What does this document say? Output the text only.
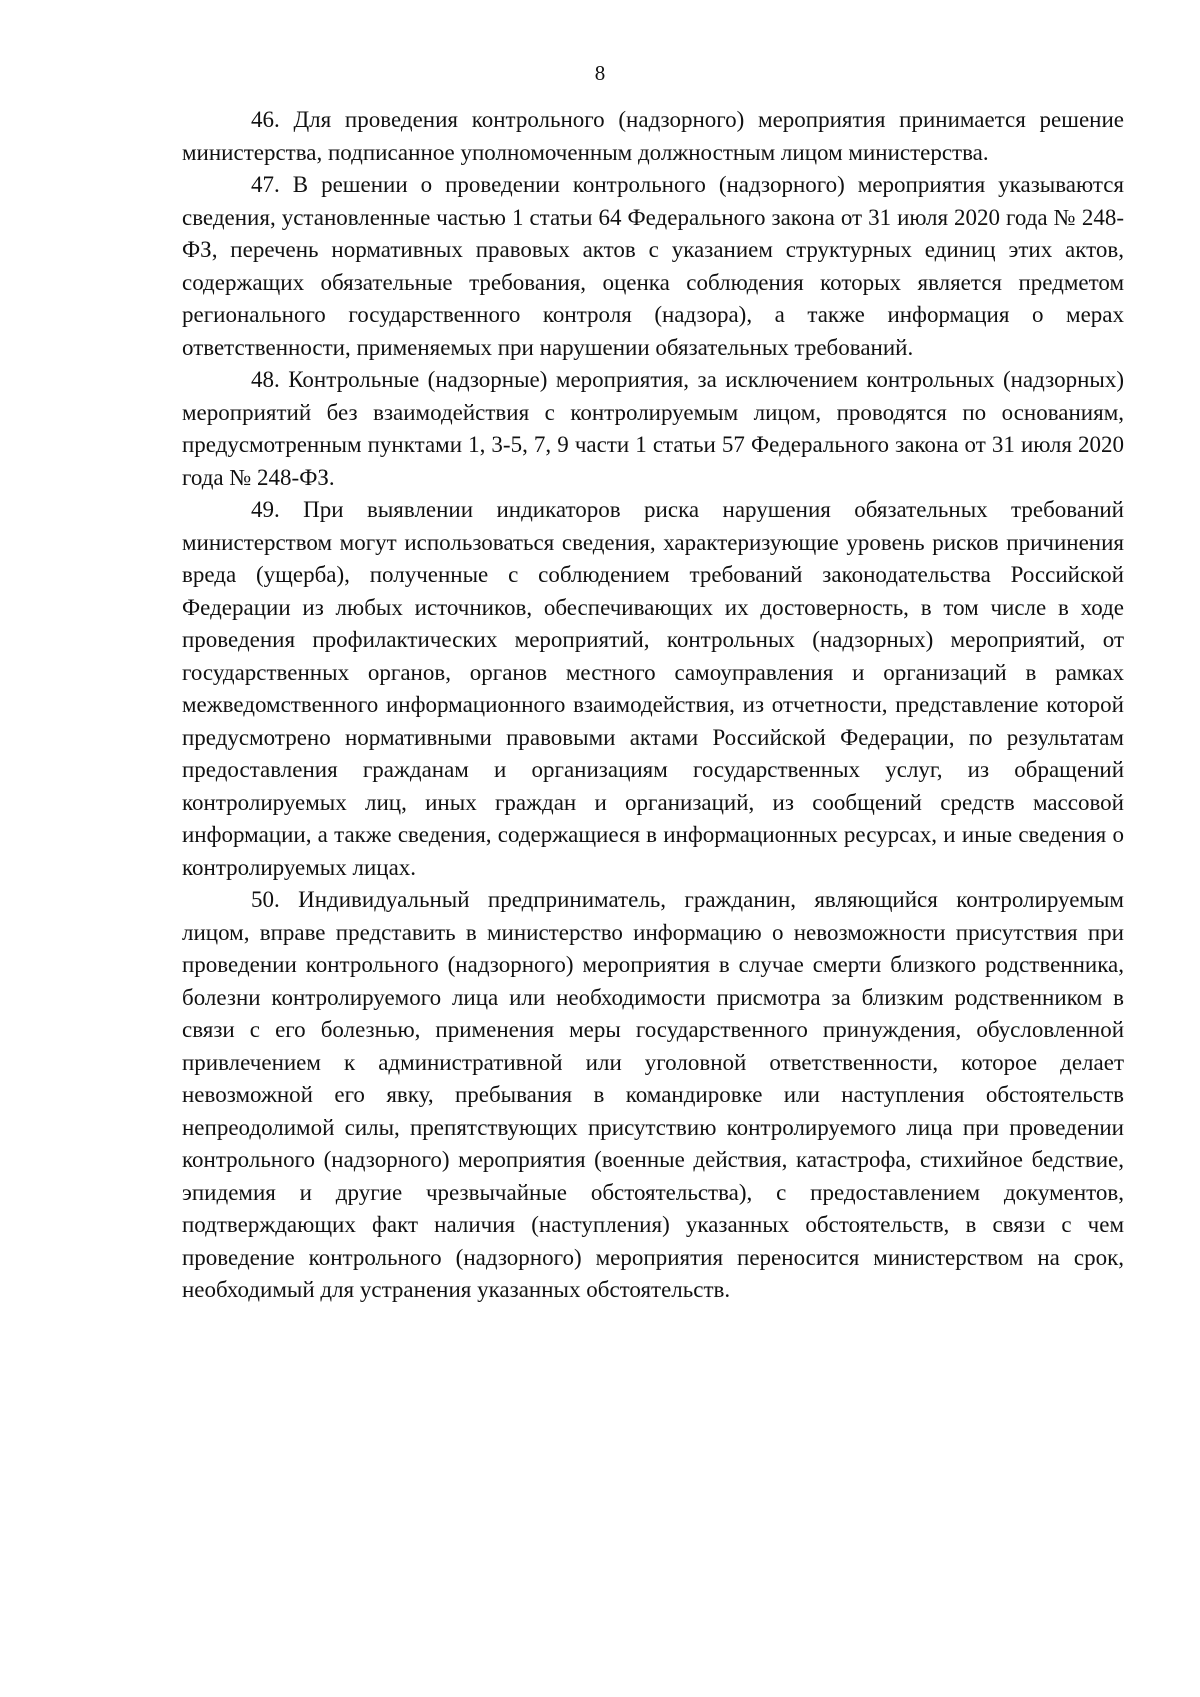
8

46. Для проведения контрольного (надзорного) мероприятия принимается решение министерства, подписанное уполномоченным должностным лицом министерства.

47. В решении о проведении контрольного (надзорного) мероприятия указываются сведения, установленные частью 1 статьи 64 Федерального закона от 31 июля 2020 года № 248-ФЗ, перечень нормативных правовых актов с указанием структурных единиц этих актов, содержащих обязательные требования, оценка соблюдения которых является предметом регионального государственного контроля (надзора), а также информация о мерах ответственности, применяемых при нарушении обязательных требований.

48. Контрольные (надзорные) мероприятия, за исключением контрольных (надзорных) мероприятий без взаимодействия с контролируемым лицом, проводятся по основаниям, предусмотренным пунктами 1, 3-5, 7, 9 части 1 статьи 57 Федерального закона от 31 июля 2020 года № 248-ФЗ.

49. При выявлении индикаторов риска нарушения обязательных требований министерством могут использоваться сведения, характеризующие уровень рисков причинения вреда (ущерба), полученные с соблюдением требований законодательства Российской Федерации из любых источников, обеспечивающих их достоверность, в том числе в ходе проведения профилактических мероприятий, контрольных (надзорных) мероприятий, от государственных органов, органов местного самоуправления и организаций в рамках межведомственного информационного взаимодействия, из отчетности, представление которой предусмотрено нормативными правовыми актами Российской Федерации, по результатам предоставления гражданам и организациям государственных услуг, из обращений контролируемых лиц, иных граждан и организаций, из сообщений средств массовой информации, а также сведения, содержащиеся в информационных ресурсах, и иные сведения о контролируемых лицах.

50. Индивидуальный предприниматель, гражданин, являющийся контролируемым лицом, вправе представить в министерство информацию о невозможности присутствия при проведении контрольного (надзорного) мероприятия в случае смерти близкого родственника, болезни контролируемого лица или необходимости присмотра за близким родственником в связи с его болезнью, применения меры государственного принуждения, обусловленной привлечением к административной или уголовной ответственности, которое делает невозможной его явку, пребывания в командировке или наступления обстоятельств непреодолимой силы, препятствующих присутствию контролируемого лица при проведении контрольного (надзорного) мероприятия (военные действия, катастрофа, стихийное бедствие, эпидемия и другие чрезвычайные обстоятельства), с предоставлением документов, подтверждающих факт наличия (наступления) указанных обстоятельств, в связи с чем проведение контрольного (надзорного) мероприятия переносится министерством на срок, необходимый для устранения указанных обстоятельств.
